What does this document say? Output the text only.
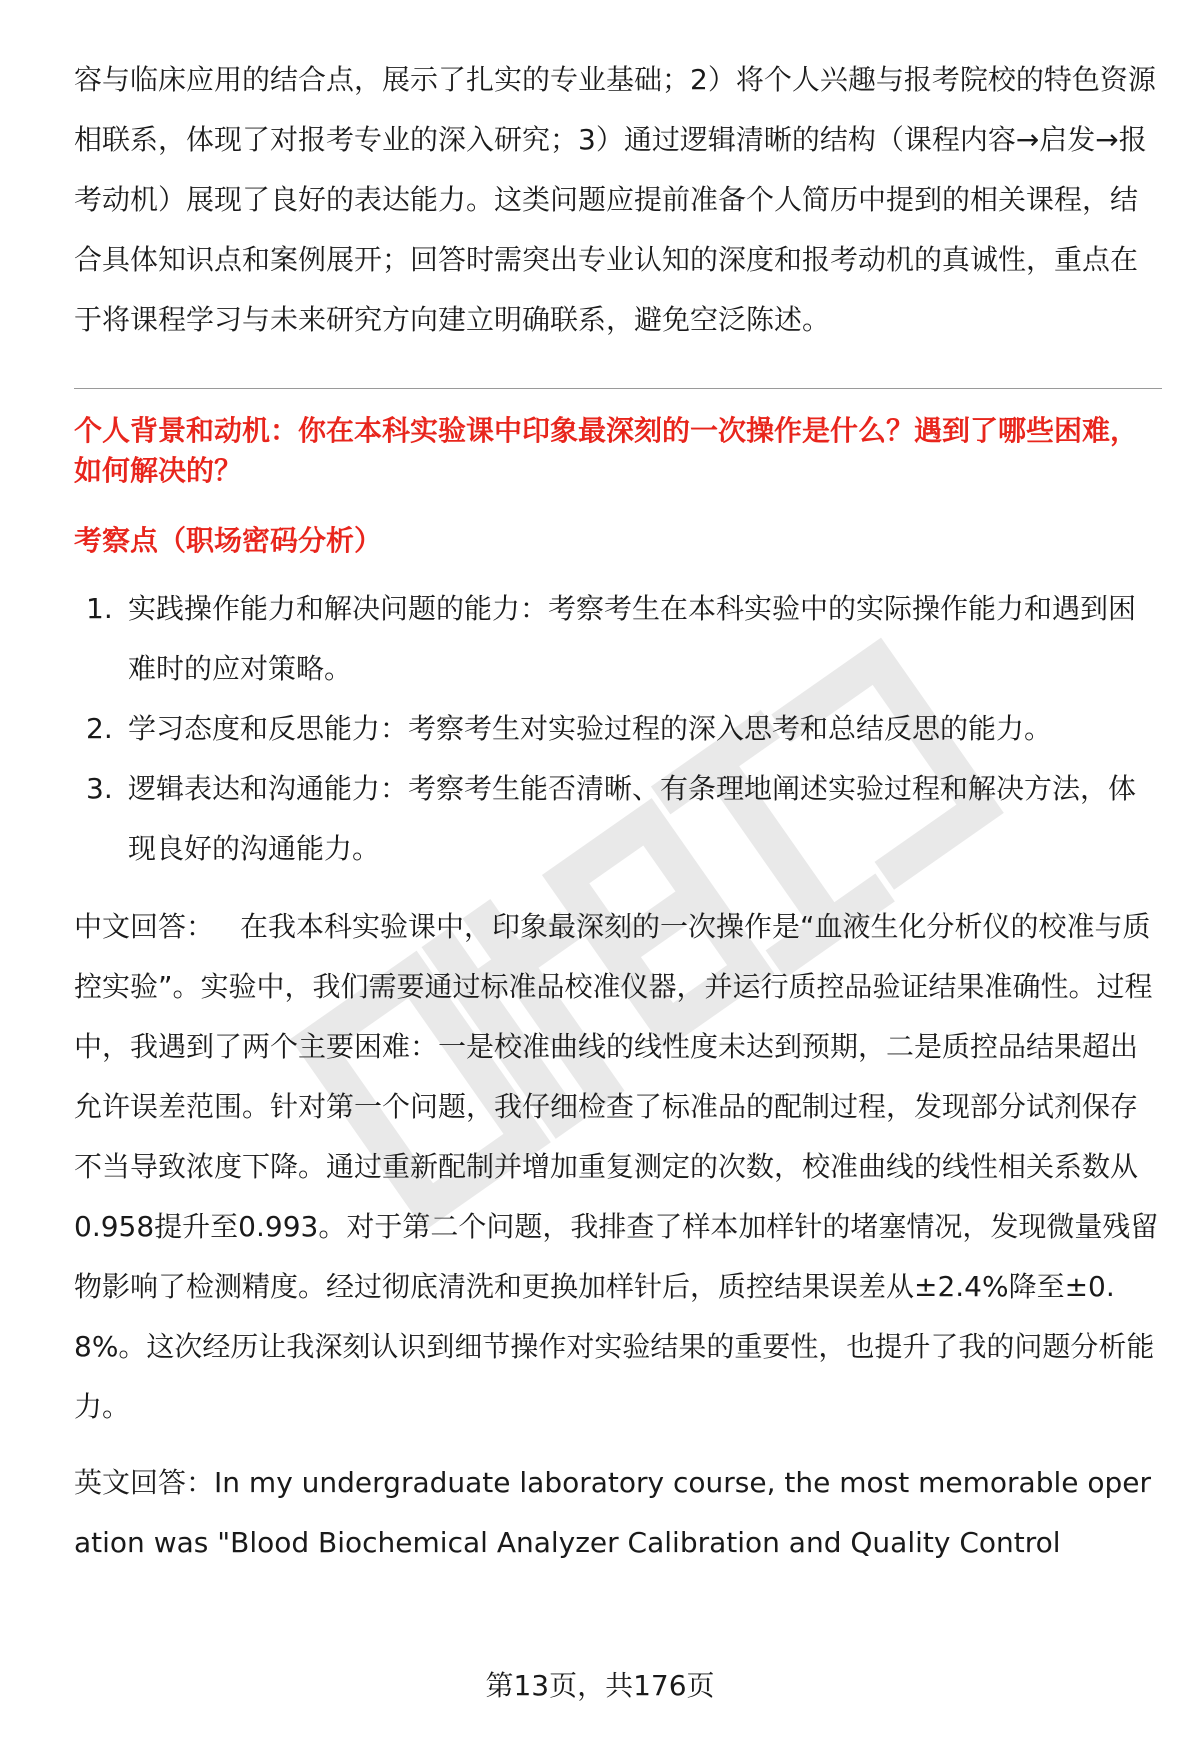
容与临床应用的结合点，展示了扎实的专业基础；2）将个人兴趣与报考院校的特色资源相联系，体现了对报考专业的深入研究；3）通过逻辑清晰的结构（课程内容→启发→报考动机）展现了良好的表达能力。这类问题应提前准备个人简历中提到的相关课程，结合具体知识点和案例展开；回答时需突出专业认知的深度和报考动机的真诚性，重点在于将课程学习与未来研究方向建立明确联系，避免空泛陈述。

个人背景和动机：你在本科实验课中印象最深刻的一次操作是什么？遇到了哪些困难，如何解决的？

考察点（职场密码分析）

1. 实践操作能力和解决问题的能力：考察考生在本科实验中的实际操作能力和遇到困难时的应对策略。
2. 学习态度和反思能力：考察考生对实验过程的深入思考和总结反思的能力。
3. 逻辑表达和沟通能力：考察考生能否清晰、有条理地阐述实验过程和解决方法，体现良好的沟通能力。

中文回答： 在我本科实验课中，印象最深刻的一次操作是“血液生化分析仪的校准与质控实验”。实验中，我们需要通过标准品校准仪器，并运行质控品验证结果准确性。过程中，我遇到了两个主要困难：一是校准曲线的线性度未达到预期，二是质控品结果超出允许误差范围。针对第一个问题，我仔细检查了标准品的配制过程，发现部分试剂保存不当导致浓度下降。通过重新配制并增加重复测定的次数，校准曲线的线性相关系数从0.958提升至0.993。对于第二个问题，我排查了样本加样针的堵塞情况，发现微量残留物影响了检测精度。经过彻底清洗和更换加样针后，质控结果误差从±2.4%降至±0.8%。这次经历让我深刻认识到细节操作对实验结果的重要性，也提升了我的问题分析能力。

英文回答：In my undergraduate laboratory course, the most memorable operation was "Blood Biochemical Analyzer Calibration and Quality Control

第13页，共176页
